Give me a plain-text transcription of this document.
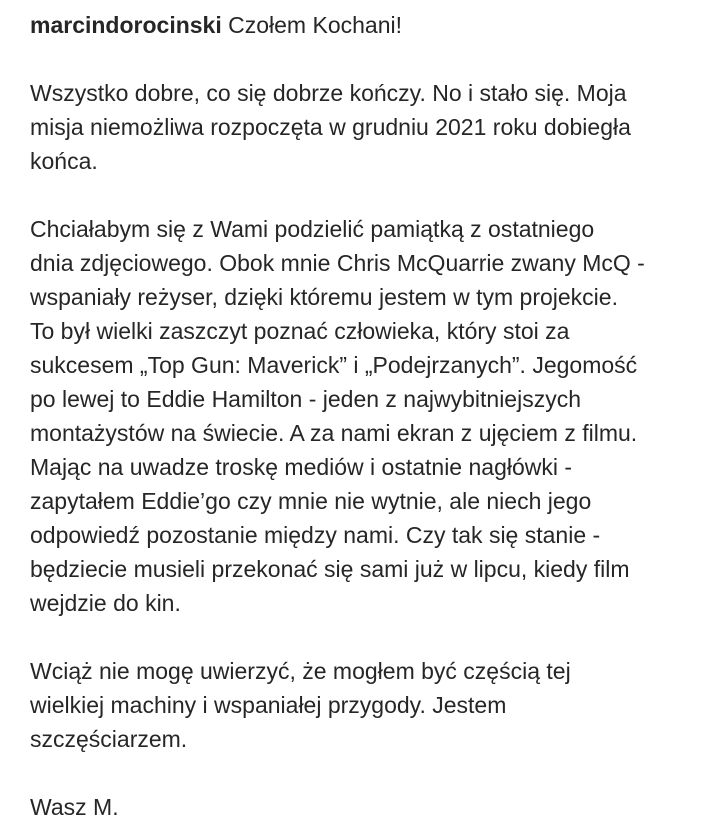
marcindorocinski Czołem Kochani!
Wszystko dobre, co się dobrze kończy. No i stało się. Moja
misja niemożliwa rozpoczęta w grudniu 2021 roku dobiegła
końca.
Chciałabym się z Wami podzielić pamiątką z ostatniego
dnia zdjęciowego. Obok mnie Chris McQuarrie zwany McQ -
wspaniały reżyser, dzięki któremu jestem w tym projekcie.
To był wielki zaszczyt poznać człowieka, który stoi za
sukcesem „Top Gun: Maverick” i „Podejrzanych”. Jegomość
po lewej to Eddie Hamilton - jeden z najwybitniejszych
montażystów na świecie. A za nami ekran z ujęciem z filmu.
Mając na uwadze troskę mediów i ostatnie nagłówki -
zapytałem Eddie’go czy mnie nie wytnie, ale niech jego
odpowiedź pozostanie między nami. Czy tak się stanie -
będziecie musieli przekonać się sami już w lipcu, kiedy film
wejdzie do kin.
Wciąż nie mogę uwierzyć, że mogłem być częścią tej
wielkiej machiny i wspaniałej przygody. Jestem
szczęściarzem.
Wasz M.
